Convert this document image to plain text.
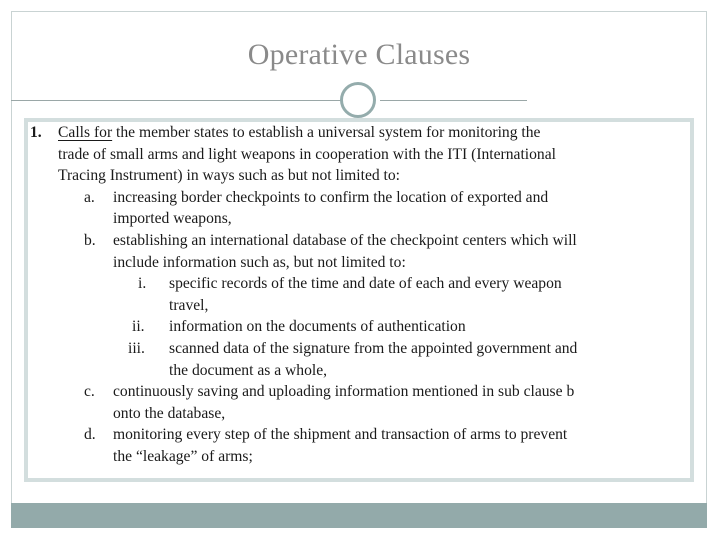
Operative Clauses
1. Calls for the member states to establish a universal system for monitoring the
trade of small arms and light weapons in cooperation with the ITI (International
Tracing Instrument) in ways such as but not limited to:
a. increasing border checkpoints to confirm the location of exported and
imported weapons,
b. establishing an international database of the checkpoint centers which will
include information such as, but not limited to:
i. specific records of the time and date of each and every weapon
travel,
ii. information on the documents of authentication
iii. scanned data of the signature from the appointed government and
the document as a whole,
c. continuously saving and uploading information mentioned in sub clause b
onto the database,
d. monitoring every step of the shipment and transaction of arms to prevent
the “leakage” of arms;
